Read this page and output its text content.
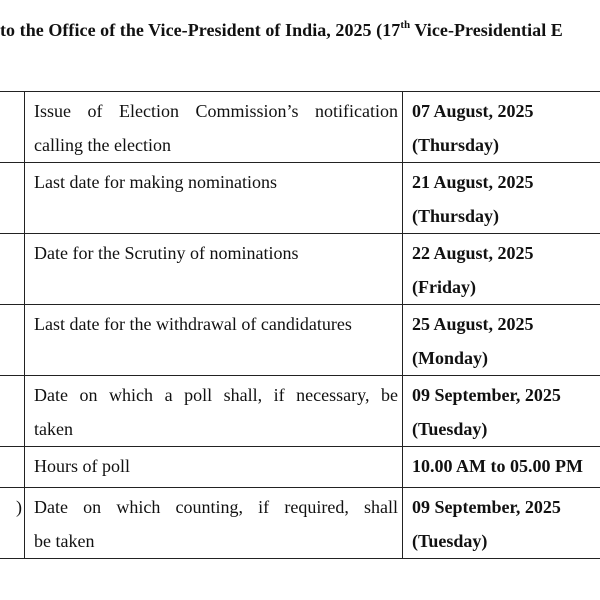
to the Office of the Vice-President of India, 2025 (17th Vice-Presidential E

	Issue of Election Commission’s notification
calling the election	07 August, 2025
(Thursday)

	Last date for making nominations	21 August, 2025
(Thursday)

	Date for the Scrutiny of nominations	22 August, 2025
(Friday)

	Last date for the withdrawal of candidatures	25 August, 2025
(Monday)

	Date on which a poll shall, if necessary, be
taken	09 September, 2025
(Tuesday)

	Hours of poll	10.00 AM to 05.00 PM

)	Date on which counting, if required, shall
be taken	09 September, 2025
(Tuesday)
